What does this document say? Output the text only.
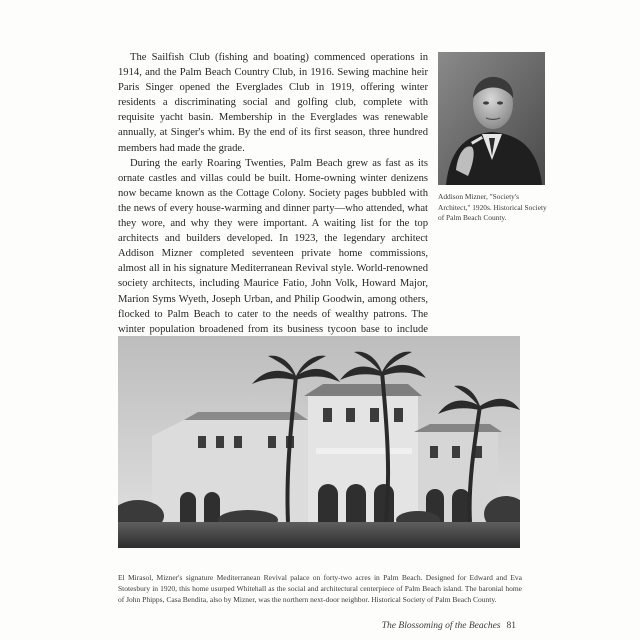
The Sailfish Club (fishing and boating) commenced operations in 1914, and the Palm Beach Country Club, in 1916. Sewing machine heir Paris Singer opened the Everglades Club in 1919, offering winter residents a discriminating social and golfing club, complete with requisite yacht basin. Membership in the Everglades was renewable annually, at Singer's whim. By the end of its first season, three hundred members had made the grade.

During the early Roaring Twenties, Palm Beach grew as fast as its ornate castles and villas could be built. Home-owning winter denizens now became known as the Cottage Colony. Society pages bubbled with the news of every house-warming and dinner party—who attended, what they wore, and why they were important. A waiting list for the top architects and builders developed. In 1923, the legendary architect Addison Mizner completed seventeen private home commissions, almost all in his signature Mediterranean Revival style. World-renowned society architects, including Maurice Fatio, John Volk, Howard Major, Marion Syms Wyeth, Joseph Urban, and Philip Goodwin, among others, flocked to Palm Beach to cater to the needs of wealthy patrons. The winter population broadened from its business tycoon base to include

Addison Mizner, "Society's Architect," 1920s. Historical Society of Palm Beach County.
El Mirasol, Mizner's signature Mediterranean Revival palace on forty-two acres in Palm Beach. Designed for Edward and Eva Stotesbury in 1920, this home usurped Whitehall as the social and architectural centerpiece of Palm Beach island. The baronial home of John Phipps, Casa Bendita, also by Mizner, was the northern next-door neighbor. Historical Society of Palm Beach County.
The Blossoming of the Beaches 81
